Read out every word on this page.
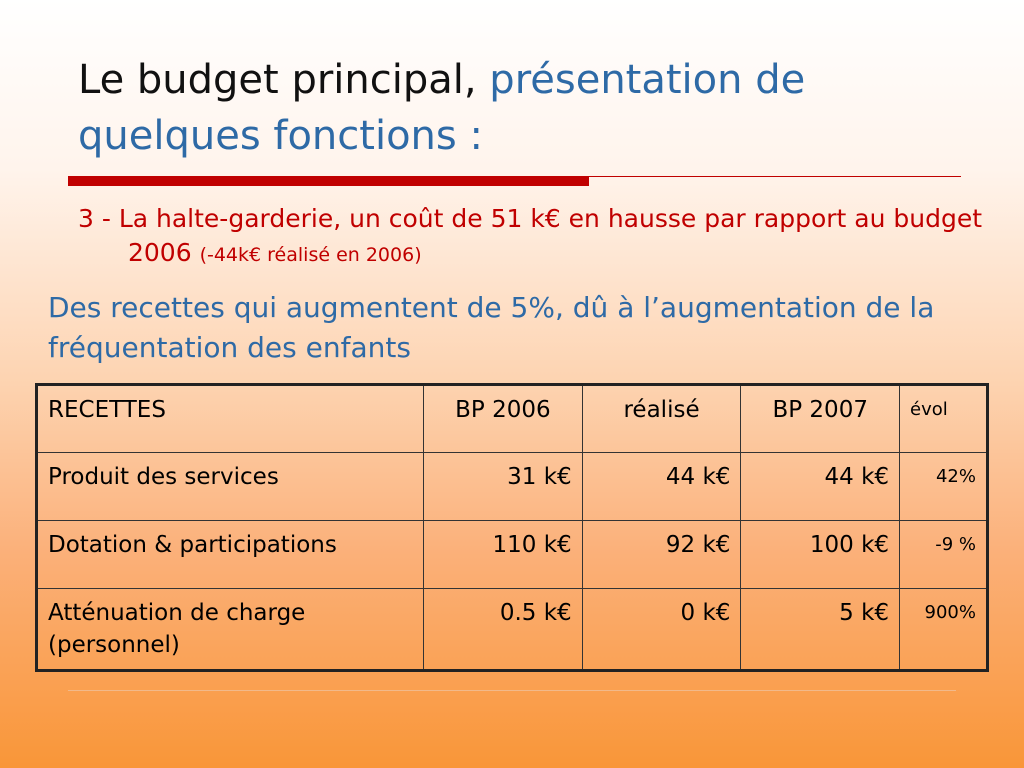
Le budget principal, présentation de quelques fonctions :
3 - La halte-garderie, un coût de 51 k€ en hausse par rapport au budget 2006 (-44k€ réalisé en 2006)
Des recettes qui augmentent de 5%, dû à l’augmentation de la fréquentation des enfants
RECETTES	BP 2006	réalisé	BP 2007	évol
Produit des services	31 k€	44 k€	44 k€	42%
Dotation & participations	110 k€	92 k€	100 k€	-9 %
Atténuation de charge (personnel)	0.5 k€	0 k€	5 k€	900%
